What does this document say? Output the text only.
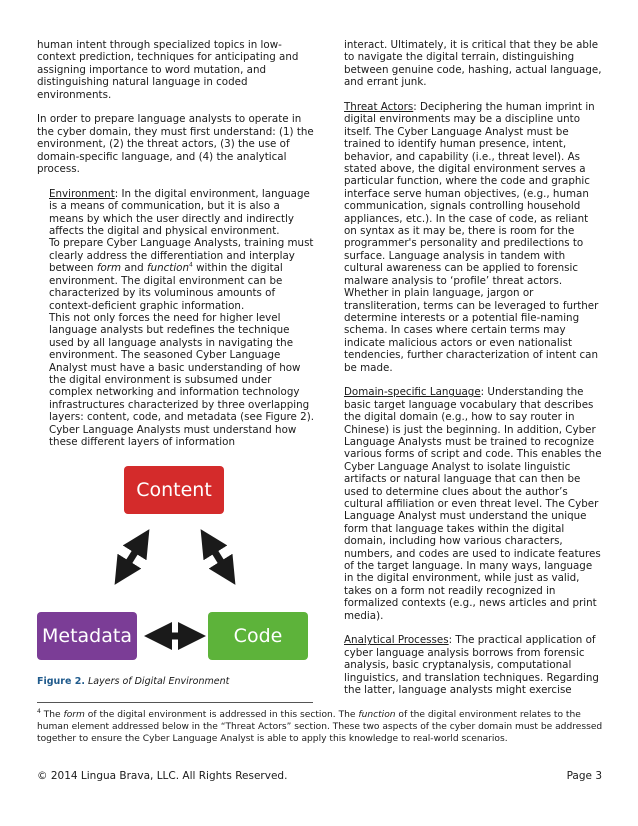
human intent through specialized topics in low-context prediction, techniques for anticipating and assigning importance to word mutation, and distinguishing natural language in coded environments.

In order to prepare language analysts to operate in the cyber domain, they must first understand: (1) the environment, (2) the threat actors, (3) the use of domain-specific language, and (4) the analytical process.

Environment: In the digital environment, language is a means of communication, but it is also a means by which the user directly and indirectly affects the digital and physical environment.

To prepare Cyber Language Analysts, training must clearly address the differentiation and interplay between form and function$^4$ within the digital environment. The digital environment can be characterized by its voluminous amounts of context-deficient graphic information.

This not only forces the need for higher level language analysts but redefines the technique used by all language analysts in navigating the environment. The seasoned Cyber Language Analyst must have a basic understanding of how the digital environment is subsumed under complex networking and information technology infrastructures characterized by three overlapping layers: content, code, and metadata (see Figure 2). Cyber Language Analysts must understand how these different layers of information

interact. Ultimately, it is critical that they be able to navigate the digital terrain, distinguishing between genuine code, hashing, actual language, and errant junk.

Threat Actors: Deciphering the human imprint in digital environments may be a discipline unto itself. The Cyber Language Analyst must be trained to identify human presence, intent, behavior, and capability (i.e., threat level). As stated above, the digital environment serves a particular function, where the code and graphic interface serve human objectives, (e.g., human communication, signals controlling household appliances, etc.). In the case of code, as reliant on syntax as it may be, there is room for the programmer's personality and predilections to surface. Language analysis in tandem with cultural awareness can be applied to forensic malware analysis to ‘profile’ threat actors. Whether in plain language, jargon or transliteration, terms can be leveraged to further determine interests or a potential file-naming schema. In cases where certain terms may indicate malicious actors or even nationalist tendencies, further characterization of intent can be made.

Domain-specific Language: Understanding the basic target language vocabulary that describes the digital domain (e.g., how to say router in Chinese) is just the beginning. In addition, Cyber Language Analysts must be trained to recognize various forms of script and code. This enables the Cyber Language Analyst to isolate linguistic artifacts or natural language that can then be used to determine clues about the author’s cultural affiliation or even threat level. The Cyber Language Analyst must understand the unique form that language takes within the digital domain, including how various characters, numbers, and codes are used to indicate features of the target language. In many ways, language in the digital environment, while just as valid, takes on a form not readily recognized in formalized contexts (e.g., news articles and print media).

Analytical Processes: The practical application of cyber language analysis borrows from forensic analysis, basic cryptanalysis, computational linguistics, and translation techniques. Regarding the latter, language analysts might exercise

Content
Metadata	Code
Figure 2. Layers of Digital Environment

$^4$ The form of the digital environment is addressed in this section. The function of the digital environment relates to the human element addressed below in the “Threat Actors” section. These two aspects of the cyber domain must be addressed together to ensure the Cyber Language Analyst is able to apply this knowledge to real-world scenarios.

© 2014 Lingua Brava, LLC. All Rights Reserved.	Page 3
